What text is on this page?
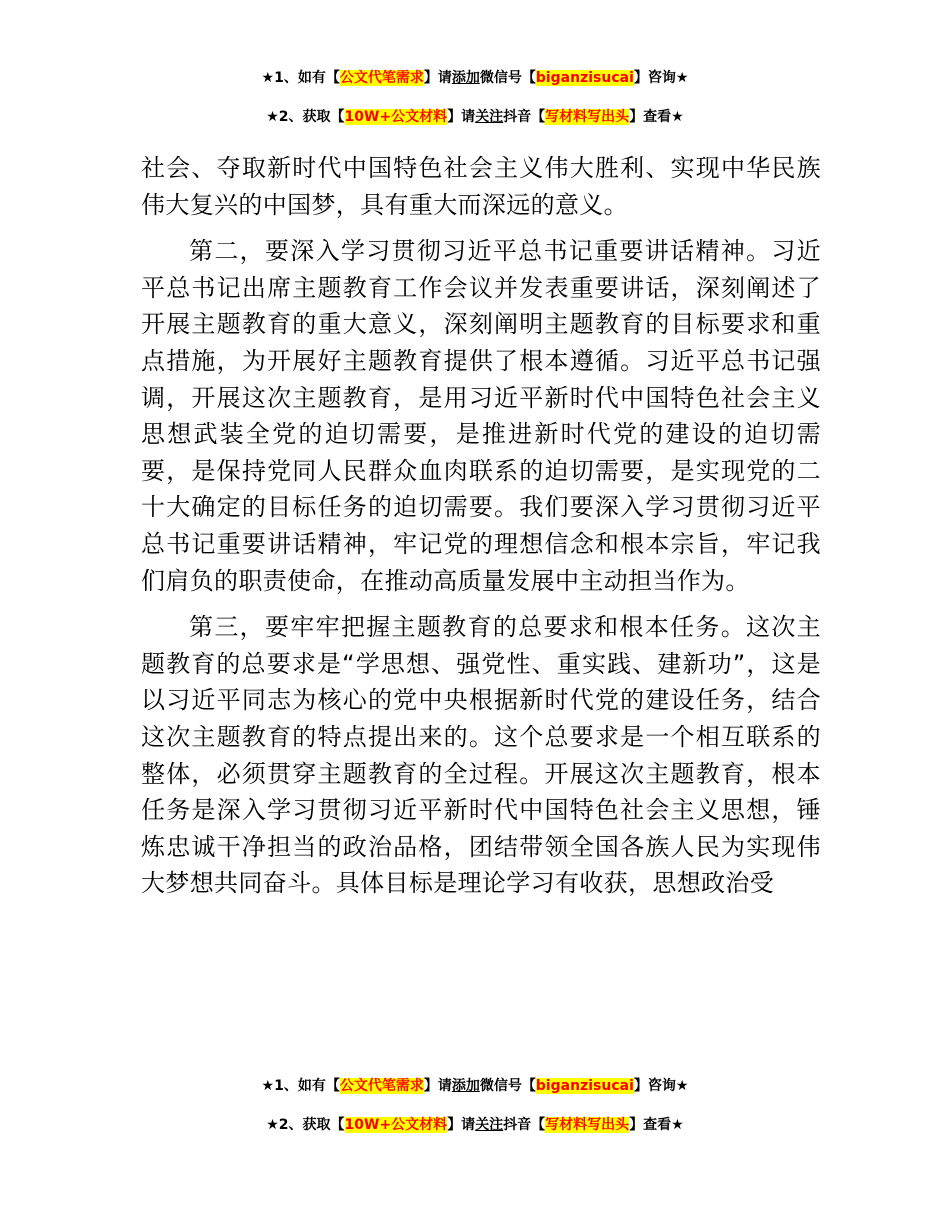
★1、如有【公文代笔需求】请添加微信号【biganzisucai】咨询★
★2、获取【10W+公文材料】请关注抖音【写材料写出头】查看★

社会、夺取新时代中国特色社会主义伟大胜利、实现中华民族伟大复兴的中国梦，具有重大而深远的意义。

第二，要深入学习贯彻习近平总书记重要讲话精神。习近平总书记出席主题教育工作会议并发表重要讲话，深刻阐述了开展主题教育的重大意义，深刻阐明主题教育的目标要求和重点措施，为开展好主题教育提供了根本遵循。习近平总书记强调，开展这次主题教育，是用习近平新时代中国特色社会主义思想武装全党的迫切需要，是推进新时代党的建设的迫切需要，是保持党同人民群众血肉联系的迫切需要，是实现党的二十大确定的目标任务的迫切需要。我们要深入学习贯彻习近平总书记重要讲话精神，牢记党的理想信念和根本宗旨，牢记我们肩负的职责使命，在推动高质量发展中主动担当作为。

第三，要牢牢把握主题教育的总要求和根本任务。这次主题教育的总要求是“学思想、强党性、重实践、建新功”，这是以习近平同志为核心的党中央根据新时代党的建设任务，结合这次主题教育的特点提出来的。这个总要求是一个相互联系的整体，必须贯穿主题教育的全过程。开展这次主题教育，根本任务是深入学习贯彻习近平新时代中国特色社会主义思想，锤炼忠诚干净担当的政治品格，团结带领全国各族人民为实现伟大梦想共同奋斗。具体目标是理论学习有收获，思想政治受

★1、如有【公文代笔需求】请添加微信号【biganzisucai】咨询★
★2、获取【10W+公文材料】请关注抖音【写材料写出头】查看★
